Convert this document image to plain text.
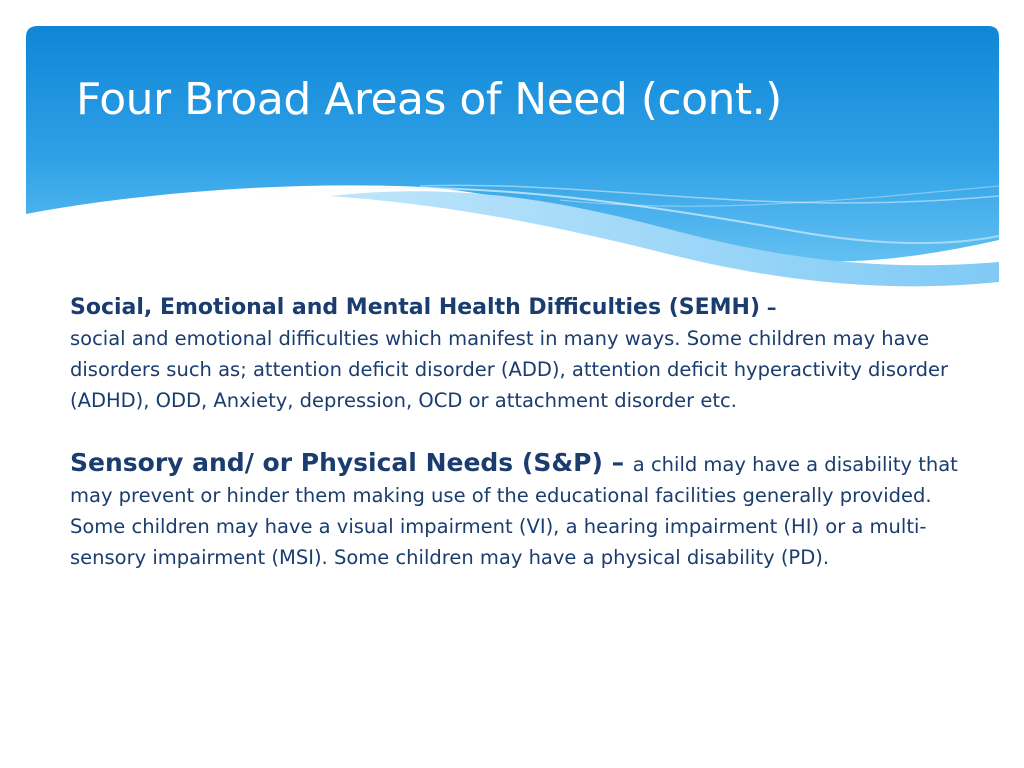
Four Broad Areas of Need (cont.)

Social, Emotional and Mental Health Difficulties (SEMH) –
social and emotional difficulties which manifest in many ways. Some children may have disorders such as; attention deficit disorder (ADD), attention deficit hyperactivity disorder (ADHD), ODD, Anxiety, depression, OCD or attachment disorder etc.

Sensory and/ or Physical Needs (S&P) – a child may have a disability that may prevent or hinder them making use of the educational facilities generally provided. Some children may have a visual impairment (VI), a hearing impairment (HI) or a multi-sensory impairment (MSI). Some children may have a physical disability (PD).
